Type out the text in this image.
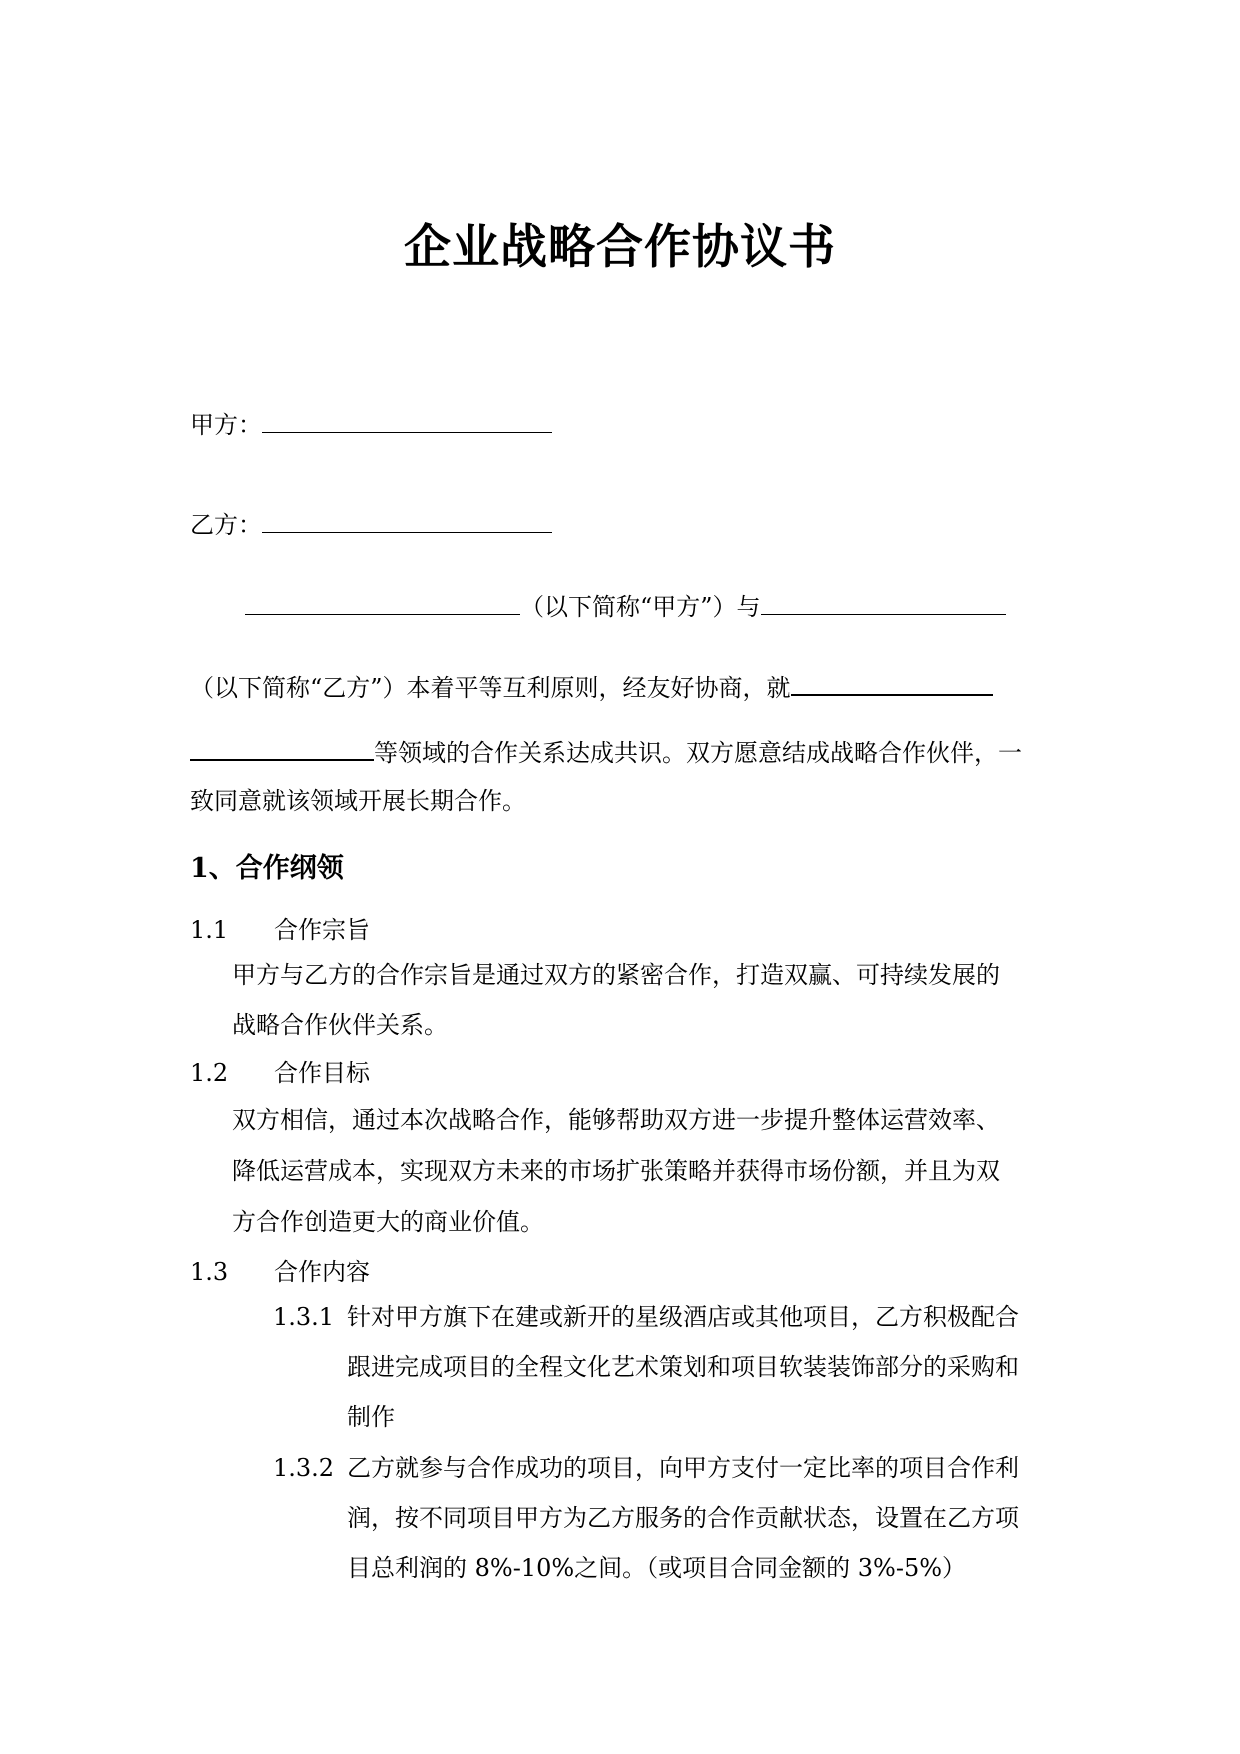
企业战略合作协议书
甲方：
乙方：
（以下简称“甲方”）与
（以下简称“乙方”）本着平等互利原则，经友好协商，就
等领域的合作关系达成共识。双方愿意结成战略合作伙伴，一
致同意就该领域开展长期合作。
1、合作纲领
1.1 合作宗旨
甲方与乙方的合作宗旨是通过双方的紧密合作，打造双赢、可持续发展的
战略合作伙伴关系。
1.2 合作目标
双方相信，通过本次战略合作，能够帮助双方进一步提升整体运营效率、
降低运营成本，实现双方未来的市场扩张策略并获得市场份额，并且为双
方合作创造更大的商业价值。
1.3 合作内容
1.3.1 针对甲方旗下在建或新开的星级酒店或其他项目，乙方积极配合
跟进完成项目的全程文化艺术策划和项目软装装饰部分的采购和
制作
1.3.2 乙方就参与合作成功的项目，向甲方支付一定比率的项目合作利
润，按不同项目甲方为乙方服务的合作贡献状态，设置在乙方项
目总利润的 8%-10%之间。（或项目合同金额的 3%-5%）
